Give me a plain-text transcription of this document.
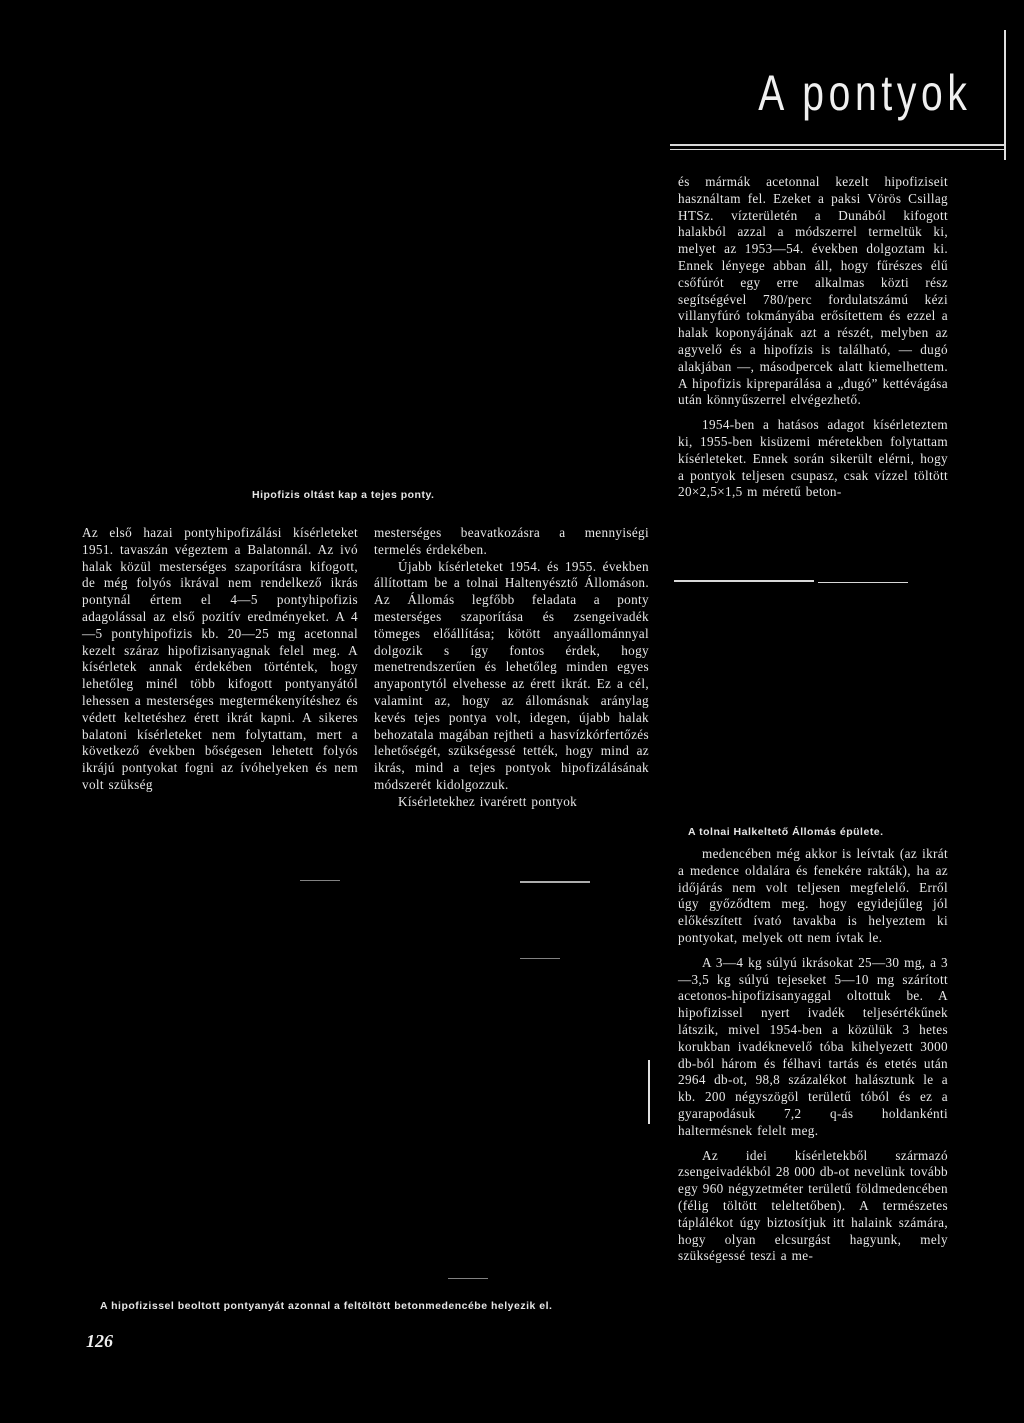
A pontyok

és mármák acetonnal kezelt hipofiziseit használtam fel. Ezeket a paksi Vörös Csillag HTSz. vízterületén a Dunából kifogott halakból azzal a módszerrel termeltük ki, melyet az 1953—54. években dolgoztam ki. Ennek lényege abban áll, hogy fűrészes élű csőfúrót egy erre alkalmas közti rész segítségével 780/perc fordulatszámú kézi villanyfúró tokmányába erősítettem és ezzel a halak koponyájának azt a részét, melyben az agyvelő és a hipofízis is található, — dugó alakjában —, másodpercek alatt kiemelhettem. A hipofizis kipreparálása a „dugó” kettévágása után könnyűszerrel elvégezhető.

1954-ben a hatásos adagot kísérleteztem ki, 1955-ben kisüzemi méretekben folytattam kísérleteket. Ennek során sikerült elérni, hogy a pontyok teljesen csupasz, csak vízzel töltött 20×2,5×1,5 m méretű beton-

A tolnai Halkeltető Állomás épülete.

medencében még akkor is leívtak (az ikrát a medence oldalára és fenekére rakták), ha az időjárás nem volt teljesen megfelelő. Erről úgy győződtem meg. hogy egyidejűleg jól előkészített ívató tavakba is helyeztem ki pontyokat, melyek ott nem ívtak le.

A 3—4 kg súlyú ikrásokat 25—30 mg, a 3—3,5 kg súlyú tejeseket 5—10 mg szárított acetonos-hipofizisanyaggal oltottuk be. A hipofizissel nyert ivadék teljesértékűnek látszik, mivel 1954-ben a közülük 3 hetes korukban ivadéknevelő tóba kihelyezett 3000 db-ból három és félhavi tartás és etetés után 2964 db-ot, 98,8 százalékot halásztunk le a kb. 200 négyszögöl területű tóból és ez a gyarapodásuk 7,2 q-ás holdankénti haltermésnek felelt meg.

Az idei kísérletekből származó zsengeivadékból 28 000 db-ot nevelünk tovább egy 960 négyzetméter területű földmedencében (félig töltött teleltetőben). A természetes táplálékot úgy biztosítjuk itt halaink számára, hogy olyan elcsurgást hagyunk, mely szükségessé teszi a me-

Hipofizis oltást kap a tejes ponty.

Az első hazai pontyhipofizálási kísérleteket 1951. tavaszán végeztem a Balatonnál. Az ivó halak közül mesterséges szaporításra kifogott, de még folyós ikrával nem rendelkező ikrás pontynál értem el 4—5 pontyhipofizis adagolással az első pozitív eredményeket. A 4—5 pontyhipofizis kb. 20—25 mg acetonnal kezelt száraz hipofizisanyagnak felel meg. A kísérletek annak érdekében történtek, hogy lehetőleg minél több kifogott pontyanyától lehessen a mesterséges megtermékenyítéshez és védett keltetéshez érett ikrát kapni. A sikeres balatoni kísérleteket nem folytattam, mert a következő években bőségesen lehetett folyós ikrájú pontyokat fogni az ívóhelyeken és nem volt szükség

mesterséges beavatkozásra a mennyiségi termelés érdekében.

Újabb kísérleteket 1954. és 1955. években állítottam be a tolnai Haltenyésztő Állomáson. Az Állomás legfőbb feladata a ponty mesterséges szaporítása és zsengeivadék tömeges előállítása; kötött anyaállománnyal dolgozik s így fontos érdek, hogy menetrendszerűen és lehetőleg minden egyes anyapontytól elvehesse az érett ikrát. Ez a cél, valamint az, hogy az állomásnak aránylag kevés tejes pontya volt, idegen, újabb halak behozatala magában rejtheti a hasvízkórfertőzés lehetőségét, szükségessé tették, hogy mind az ikrás, mind a tejes pontyok hipofizálásának módszerét kidolgozzuk.

Kísérletekhez ivarérett pontyok

A hipofizissel beoltott pontyanyát azonnal a feltöltött betonmedencébe helyezik el.
126
